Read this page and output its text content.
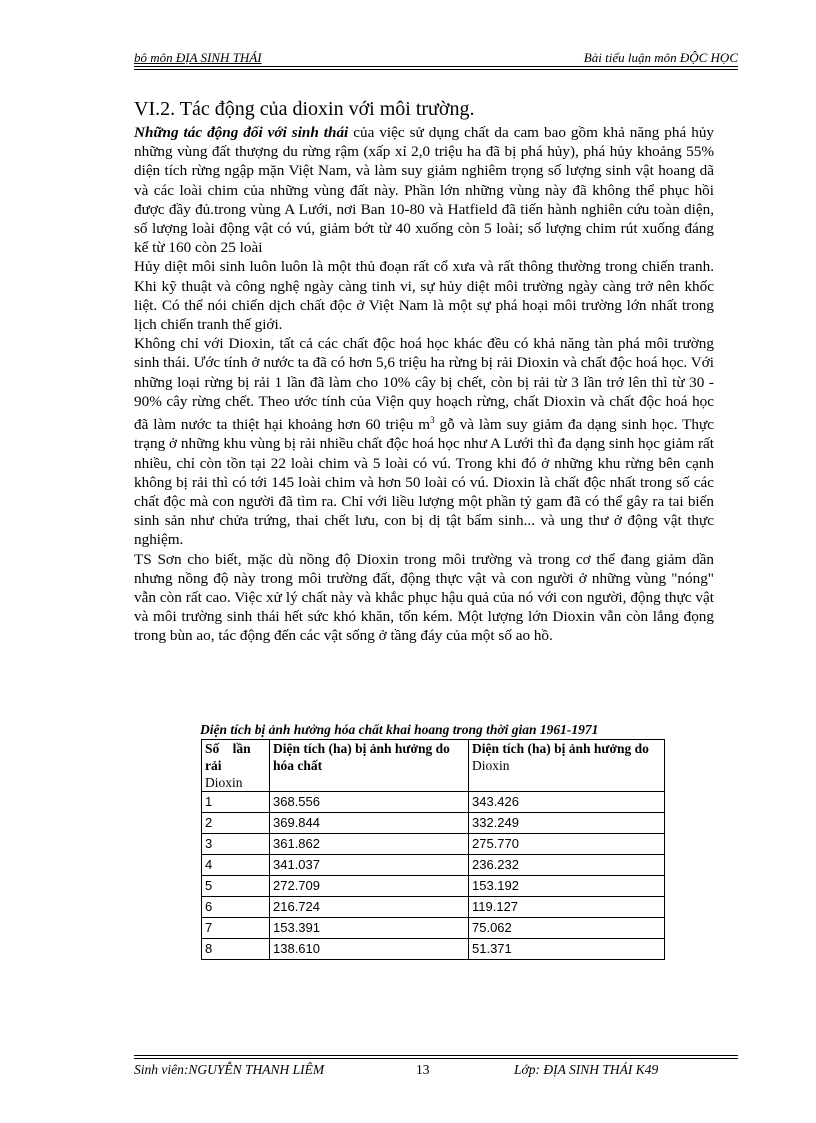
bô môn ĐỊA SINH THÁI	Bài tiểu luận môn ĐỘC HỌC
VI.2. Tác động của dioxin với môi trường.

Những tác động đối với sinh thái của việc sử dụng chất da cam bao gồm khả năng phá hủy những vùng đất thượng du rừng rậm (xấp xỉ 2,0 triệu ha đã bị phá hủy), phá hủy khoảng 55% diện tích rừng ngập mặn Việt Nam, và làm suy giảm nghiêm trọng số lượng sinh vật hoang dã và các loài chim của những vùng đất này. Phần lớn những vùng này đã không thể phục hồi được đầy đủ.trong vùng A Lưới, nơi Ban 10-80 và Hatfield đã tiến hành nghiên cứu toàn diện, số lượng loài động vật có vú, giảm bớt từ 40 xuống còn 5 loài; số lượng chim rút xuống đáng kể từ 160 còn 25 loài

Hủy diệt môi sinh luôn luôn là một thủ đoạn rất cổ xưa và rất thông thường trong chiến tranh. Khi kỹ thuật và công nghệ ngày càng tinh vi, sự hủy diệt môi trường ngày càng trở nên khốc liệt. Có thể nói chiến dịch chất độc ở Việt Nam là một sự phá hoại môi trường lớn nhất trong lịch chiến tranh thế giới.

Không chỉ với Dioxin, tất cả các chất độc hoá học khác đều có khả năng tàn phá môi trường sinh thái. Ước tính ở nước ta đã có hơn 5,6 triệu ha rừng bị rải Dioxin và chất độc hoá học. Với những loại rừng bị rải 1 lần đã làm cho 10% cây bị chết, còn bị rải từ 3 lần trở lên thì từ 30 - 90% cây rừng chết. Theo ước tính của Viện quy hoạch rừng, chất Dioxin và chất độc hoá học đã làm nước ta thiệt hại khoảng hơn 60 triệu $m^3$ gỗ và làm suy giảm đa dạng sinh học. Thực trạng ở những khu vùng bị rải nhiều chất độc hoá học như A Lưới thì đa dạng sinh học giảm rất nhiều, chỉ còn tồn tại 22 loài chim và 5 loài có vú. Trong khi đó ở những khu rừng bên cạnh không bị rải thì có tới 145 loài chim và hơn 50 loài có vú. Dioxin là chất độc nhất trong số các chất độc mà con người đã tìm ra. Chỉ với liều lượng một phần tỷ gam đã có thể gây ra tai biến sinh sản như chửa trứng, thai chết lưu, con bị dị tật bẩm sinh... và ung thư ở động vật thực nghiệm.

TS Sơn cho biết, mặc dù nồng độ Dioxin trong môi trường và trong cơ thể đang giảm dần nhưng nồng độ này trong môi trường đất, động thực vật và con người ở những vùng "nóng" vẫn còn rất cao. Việc xử lý chất này và khắc phục hậu quả của nó với con người, động thực vật và môi trường sinh thái hết sức khó khăn, tốn kém. Một lượng lớn Dioxin vẫn còn lắng đọng trong bùn ao, tác động đến các vật sống ở tầng đáy của một số ao hồ.

Diện tích bị ảnh hưởng hóa chất khai hoang trong thời gian 1961-1971
Số lần rải
Dioxin	Diện tích (ha) bị ảnh hưởng do hóa chất	Diện tích (ha) bị ảnh hưởng do Dioxin
1	368.556	343.426
2	369.844	332.249
3	361.862	275.770
4	341.037	236.232
5	272.709	153.192
6	216.724	119.127
7	153.391	75.062
8	138.610	51.371
Sinh viên:NGUYỄN THANH LIÊM	13	Lớp: ĐỊA SINH THÁI K49
